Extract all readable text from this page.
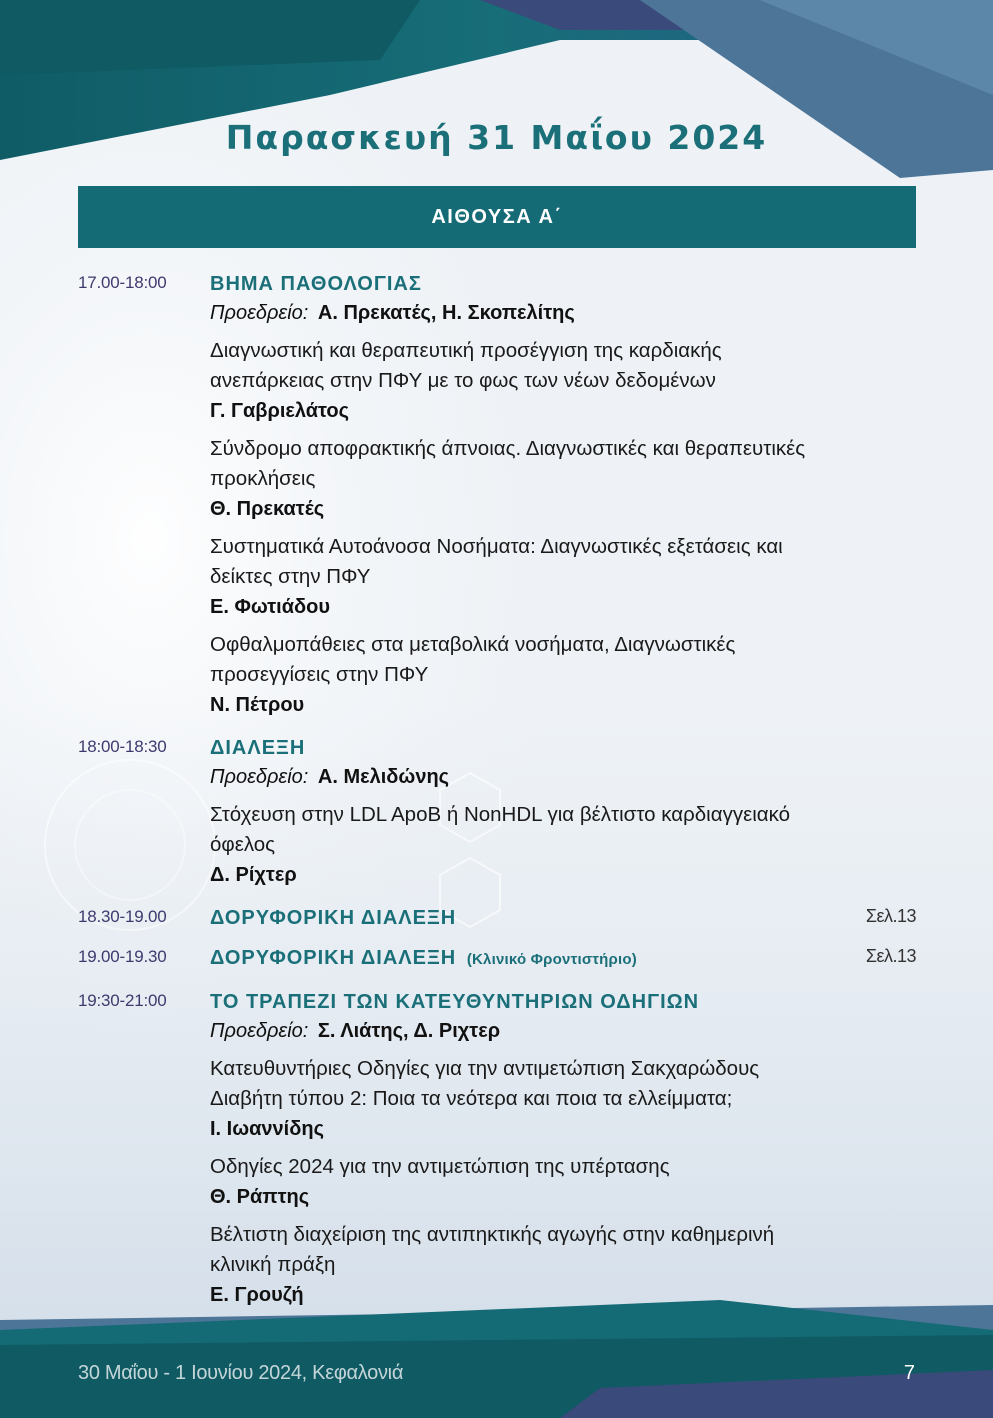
Παρασκευή 31 Μαΐου 2024
ΑΙΘΟΥΣΑ Α΄
17.00-18:00	ΒΗΜΑ ΠΑΘΟΛΟΓΙΑΣ
Προεδρείο: Α. Πρεκατές, Η. Σκοπελίτης
Διαγνωστική και θεραπευτική προσέγγιση της καρδιακής
ανεπάρκειας στην ΠΦΥ με το φως των νέων δεδομένων
Γ. Γαβριελάτος
Σύνδρομο αποφρακτικής άπνοιας. Διαγνωστικές και θεραπευτικές
προκλήσεις
Θ. Πρεκατές
Συστηματικά Αυτοάνοσα Νοσήματα: Διαγνωστικές εξετάσεις και
δείκτες στην ΠΦΥ
Ε. Φωτιάδου
Οφθαλμοπάθειες στα μεταβολικά νοσήματα, Διαγνωστικές
προσεγγίσεις στην ΠΦΥ
Ν. Πέτρου
18:00-18:30	ΔΙΑΛΕΞΗ
Προεδρείο: Α. Μελιδώνης
Στόχευση στην LDL ApoB ή NonHDL για βέλτιστο καρδιαγγειακό
όφελος
Δ. Ρίχτερ
18.30-19.00	ΔΟΡΥΦΟΡΙΚΗ ΔΙΑΛΕΞΗ	Σελ.13
19.00-19.30	ΔΟΡΥΦΟΡΙΚΗ ΔΙΑΛΕΞΗ (Κλινικό Φροντιστήριο)	Σελ.13
19:30-21:00	ΤΟ ΤΡΑΠΕΖΙ ΤΩΝ ΚΑΤΕΥΘΥΝΤΗΡΙΩΝ ΟΔΗΓΙΩΝ
Προεδρείο: Σ. Λιάτης, Δ. Ριχτερ
Κατευθυντήριες Οδηγίες για την αντιμετώπιση Σακχαρώδους
Διαβήτη τύπου 2: Ποια τα νεότερα και ποια τα ελλείμματα;
Ι. Ιωαννίδης
Οδηγίες 2024 για την αντιμετώπιση της υπέρτασης
Θ. Ράπτης
Βέλτιστη διαχείριση της αντιπηκτικής αγωγής στην καθημερινή
κλινική πράξη
Ε. Γρουζή
30 Μαΐου - 1 Ιουνίου 2024, Κεφαλονιά	7
